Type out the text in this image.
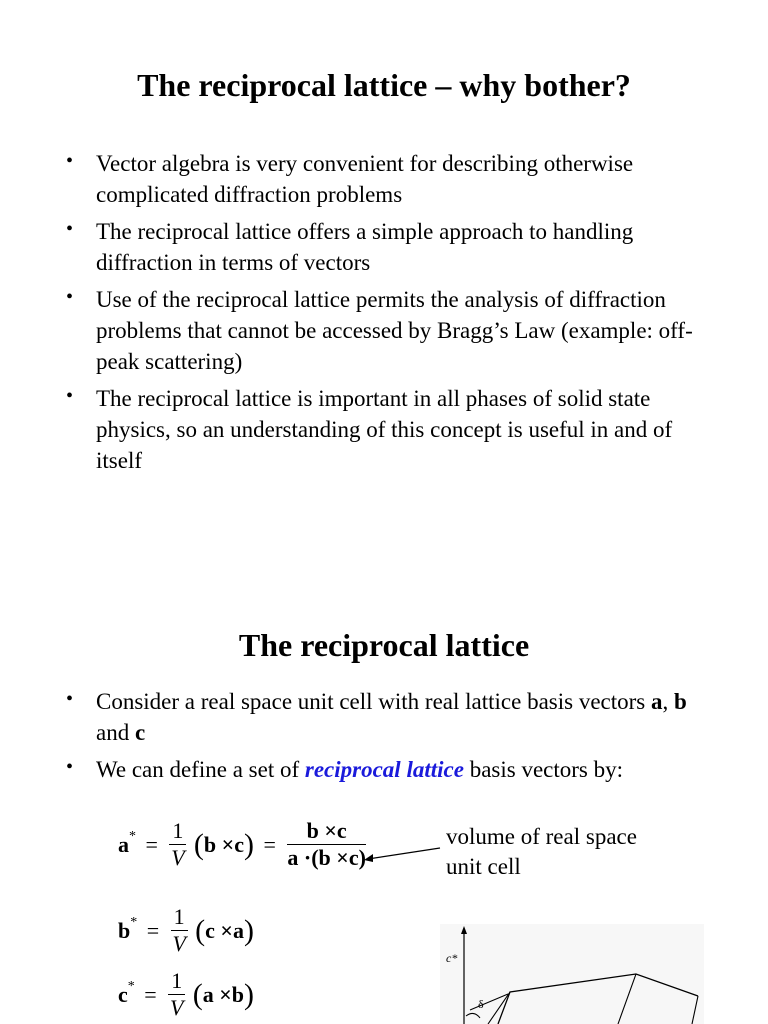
The reciprocal lattice – why bother?
• Vector algebra is very convenient for describing otherwise complicated diffraction problems
• The reciprocal lattice offers a simple approach to handling diffraction in terms of vectors
• Use of the reciprocal lattice permits the analysis of diffraction problems that cannot be accessed by Bragg’s Law (example: off-peak scattering)
• The reciprocal lattice is important in all phases of solid state physics, so an understanding of this concept is useful in and of itself
The reciprocal lattice
• Consider a real space unit cell with real lattice basis vectors a, b and c
• We can define a set of reciprocal lattice basis vectors by:
$a* = \frac{1}{V} (b \times c) = \frac{b \times c}{a \cdot(b \times c)}$	volume of real space unit cell
$b* = \frac{1}{V} (c \times a)$
$c* = \frac{1}{V} (a \times b)$
c*
δ
